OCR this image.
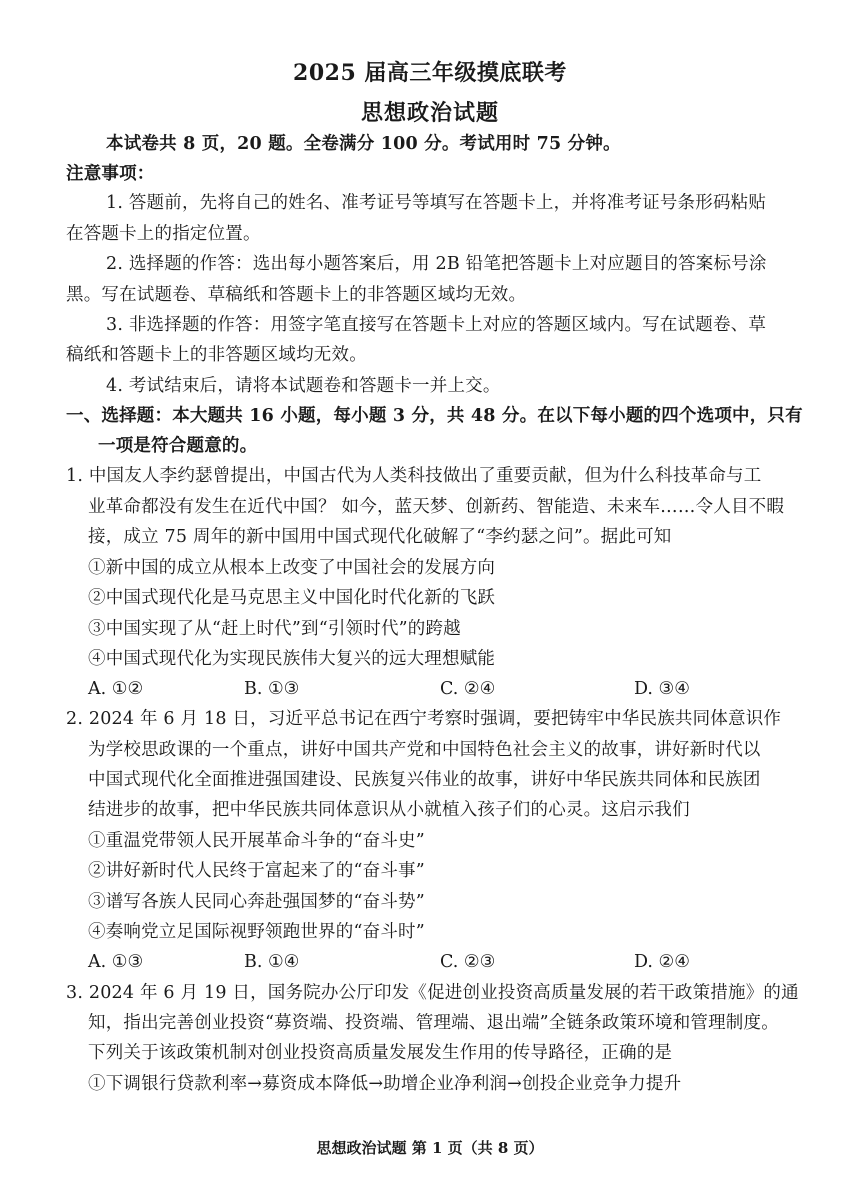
2025 届高三年级摸底联考
思想政治试题
本试卷共 8 页，20 题。全卷满分 100 分。考试用时 75 分钟。
注意事项：
1. 答题前，先将自己的姓名、准考证号等填写在答题卡上，并将准考证号条形码粘贴
在答题卡上的指定位置。
2. 选择题的作答：选出每小题答案后，用 2B 铅笔把答题卡上对应题目的答案标号涂
黑。写在试题卷、草稿纸和答题卡上的非答题区域均无效。
3. 非选择题的作答：用签字笔直接写在答题卡上对应的答题区域内。写在试题卷、草
稿纸和答题卡上的非答题区域均无效。
4. 考试结束后，请将本试题卷和答题卡一并上交。
一、选择题：本大题共 16 小题，每小题 3 分，共 48 分。在以下每小题的四个选项中，只有
一项是符合题意的。
1. 中国友人李约瑟曾提出，中国古代为人类科技做出了重要贡献，但为什么科技革命与工
业革命都没有发生在近代中国？ 如今，蓝天梦、创新药、智能造、未来车……令人目不暇
接，成立 75 周年的新中国用中国式现代化破解了“李约瑟之问”。据此可知
①新中国的成立从根本上改变了中国社会的发展方向
②中国式现代化是马克思主义中国化时代化新的飞跃
③中国实现了从“赶上时代”到“引领时代”的跨越
④中国式现代化为实现民族伟大复兴的远大理想赋能
A. ①②	B. ①③	C. ②④	D. ③④
2. 2024 年 6 月 18 日，习近平总书记在西宁考察时强调，要把铸牢中华民族共同体意识作
为学校思政课的一个重点，讲好中国共产党和中国特色社会主义的故事，讲好新时代以
中国式现代化全面推进强国建设、民族复兴伟业的故事，讲好中华民族共同体和民族团
结进步的故事，把中华民族共同体意识从小就植入孩子们的心灵。这启示我们
①重温党带领人民开展革命斗争的“奋斗史”
②讲好新时代人民终于富起来了的“奋斗事”
③谱写各族人民同心奔赴强国梦的“奋斗势”
④奏响党立足国际视野领跑世界的“奋斗时”
A. ①③	B. ①④	C. ②③	D. ②④
3. 2024 年 6 月 19 日，国务院办公厅印发《促进创业投资高质量发展的若干政策措施》的通
知，指出完善创业投资“募资端、投资端、管理端、退出端”全链条政策环境和管理制度。
下列关于该政策机制对创业投资高质量发展发生作用的传导路径，正确的是
①下调银行贷款利率→募资成本降低→助增企业净利润→创投企业竞争力提升
思想政治试题 第 1 页（共 8 页）
